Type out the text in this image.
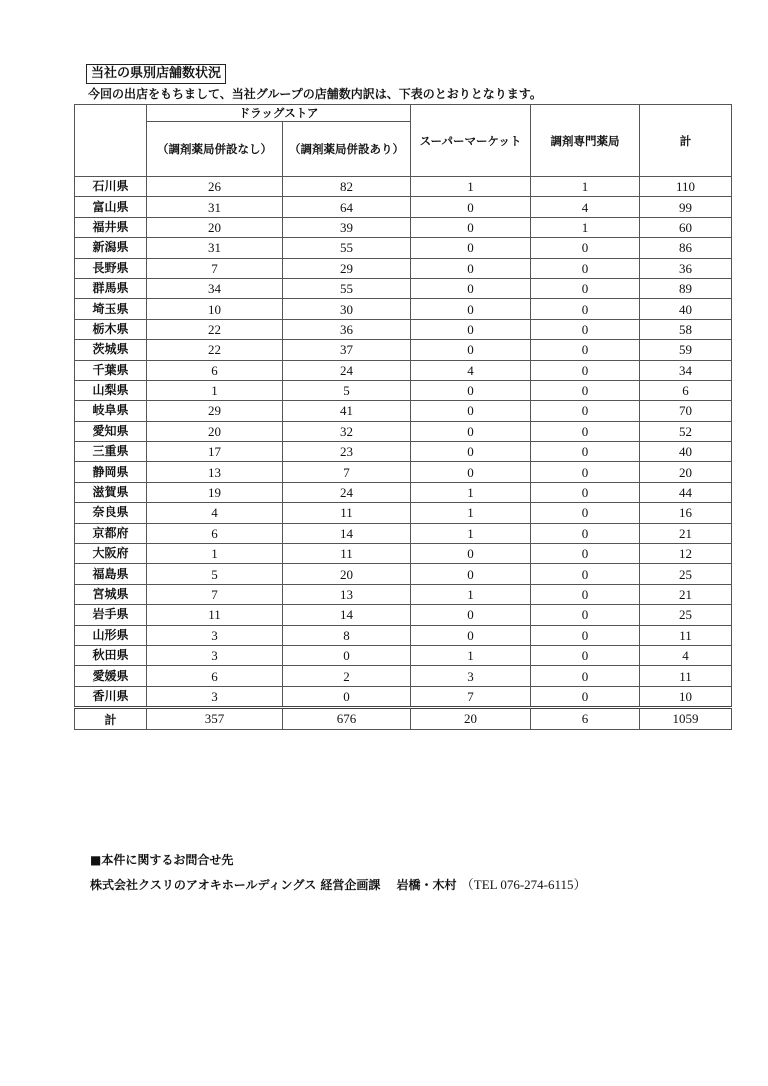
当社の県別店舗数状況
今回の出店をもちまして、当社グループの店舗数内訳は、下表のとおりとなります。
	ドラッグストア		スーパーマーケット	調剤専門薬局	計
	（調剤薬局併設なし）	（調剤薬局併設あり）			
石川県	26	82	1	1	110
富山県	31	64	0	4	99
福井県	20	39	0	1	60
新潟県	31	55	0	0	86
長野県	7	29	0	0	36
群馬県	34	55	0	0	89
埼玉県	10	30	0	0	40
栃木県	22	36	0	0	58
茨城県	22	37	0	0	59
千葉県	6	24	4	0	34
山梨県	1	5	0	0	6
岐阜県	29	41	0	0	70
愛知県	20	32	0	0	52
三重県	17	23	0	0	40
静岡県	13	7	0	0	20
滋賀県	19	24	1	0	44
奈良県	4	11	1	0	16
京都府	6	14	1	0	21
大阪府	1	11	0	0	12
福島県	5	20	0	0	25
宮城県	7	13	1	0	21
岩手県	11	14	0	0	25
山形県	3	8	0	0	11
秋田県	3	0	1	0	4
愛媛県	6	2	3	0	11
香川県	3	0	7	0	10
計	357	676	20	6	1059
■本件に関するお問合せ先
株式会社クスリのアオキホールディングス 経営企画課　 岩橋・木村 （TEL 076-274-6115）
